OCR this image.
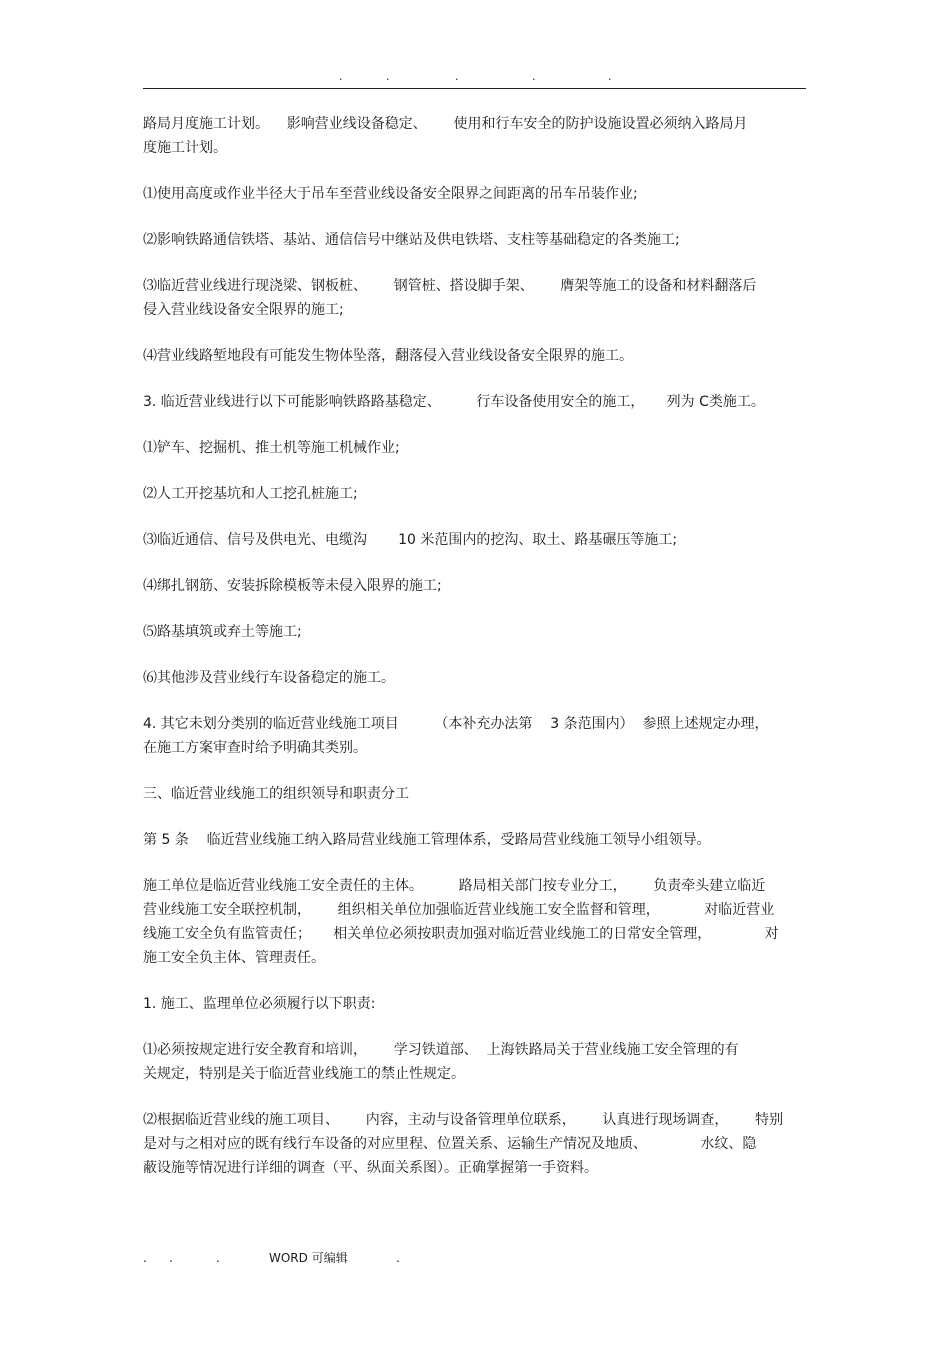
.	.	.	.	.

路局月度施工计划。    影响营业线设备稳定、      使用和行车安全的防护设施设置必须纳入路局月
度施工计划。

⑴使用高度或作业半径大于吊车至营业线设备安全限界之间距离的吊车吊装作业;

⑵影响铁路通信铁塔、基站、通信信号中继站及供电铁塔、支柱等基础稳定的各类施工;

⑶临近营业线进行现浇梁、钢板桩、      钢管桩、搭设脚手架、      膺架等施工的设备和材料翻落后
侵入营业线设备安全限界的施工;

⑷营业线路堑地段有可能发生物体坠落，翻落侵入营业线设备安全限界的施工。

3. 临近营业线进行以下可能影响铁路路基稳定、        行车设备使用安全的施工，     列为 C类施工。

⑴铲车、挖掘机、推土机等施工机械作业;

⑵人工开挖基坑和人工挖孔桩施工;

⑶临近通信、信号及供电光、电缆沟       10 米范围内的挖沟、取土、路基碾压等施工;

⑷绑扎钢筋、安装拆除模板等未侵入限界的施工;

⑸路基填筑或弃土等施工;

⑹其他涉及营业线行车设备稳定的施工。

4. 其它未划分类别的临近营业线施工项目        （本补充办法第    3 条范围内）  参照上述规定办理，
在施工方案审查时给予明确其类别。

三、临近营业线施工的组织领导和职责分工

第 5 条    临近营业线施工纳入路局营业线施工管理体系，受路局营业线施工领导小组领导。

施工单位是临近营业线施工安全责任的主体。        路局相关部门按专业分工，      负责牵头建立临近
营业线施工安全联控机制，      组织相关单位加强临近营业线施工安全监督和管理，          对临近营业
线施工安全负有监管责任；     相关单位必须按职责加强对临近营业线施工的日常安全管理，            对
施工安全负主体、管理责任。

1. 施工、监理单位必须履行以下职责:

⑴必须按规定进行安全教育和培训，      学习铁道部、  上海铁路局关于营业线施工安全管理的有
关规定，特别是关于临近营业线施工的禁止性规定。

⑵根据临近营业线的施工项目、      内容，主动与设备管理单位联系，      认真进行现场调查，      特别
是对与之相对应的既有线行车设备的对应里程、位置关系、运输生产情况及地质、            水纹、隐
蔽设施等情况进行详细的调查（平、纵面关系图）。正确掌握第一手资料。

. .	.	WORD 可编辑	.
